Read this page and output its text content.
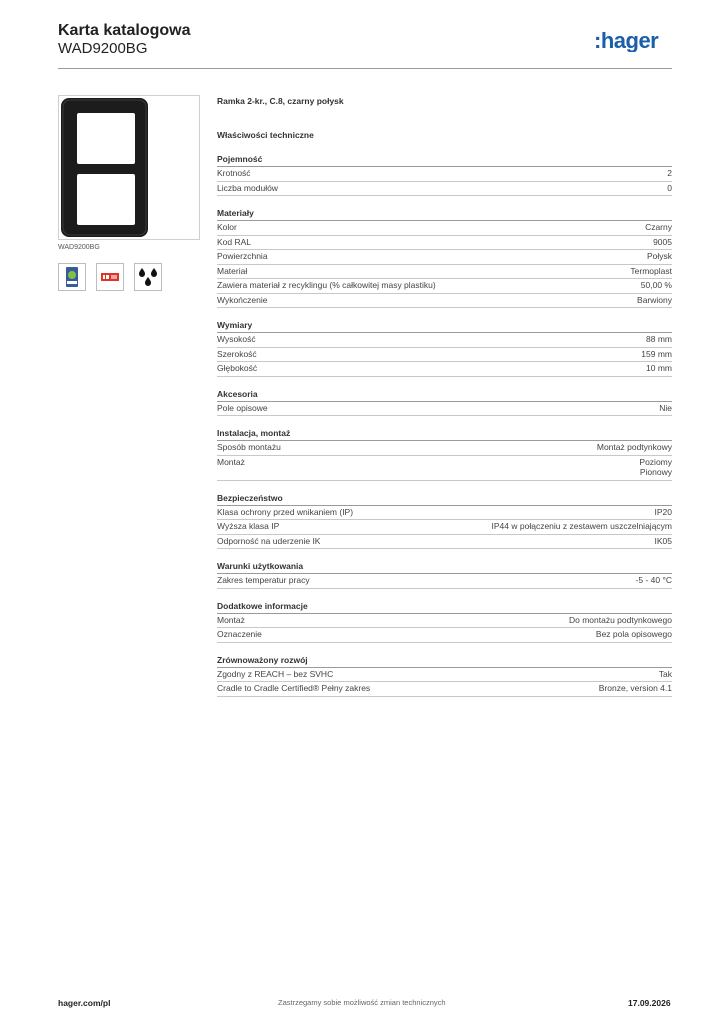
Karta katalogowa
WAD9200BG	:hager
WAD9200BG
Ramka 2-kr., C.8, czarny połysk
Właściwości techniczne
Pojemność
Krotność	2
Liczba modułów	0
Materiały
Kolor	Czarny
Kod RAL	9005
Powierzchnia	Połysk
Materiał	Termoplast
Zawiera materiał z recyklingu (% całkowitej masy plastiku)	50,00 %
Wykończenie	Barwiony
Wymiary
Wysokość	88 mm
Szerokość	159 mm
Głębokość	10 mm
Akcesoria
Pole opisowe	Nie
Instalacja, montaż
Sposób montażu	Montaż podtynkowy
Montaż	Poziomy
Pionowy
Bezpieczeństwo
Klasa ochrony przed wnikaniem (IP)	IP20
Wyższa klasa IP	IP44 w połączeniu z zestawem uszczelniającym
Odporność na uderzenie IK	IK05
Warunki użytkowania
Zakres temperatur pracy	-5 - 40 °C
Dodatkowe informacje
Montaż	Do montażu podtynkowego
Oznaczenie	Bez pola opisowego
Zrównoważony rozwój
Zgodny z REACH – bez SVHC	Tak
Cradle to Cradle Certified® Pełny zakres	Bronze, version 4.1
hager.com/pl	Zastrzegamy sobie możliwość zmian technicznych	17.09.2026
